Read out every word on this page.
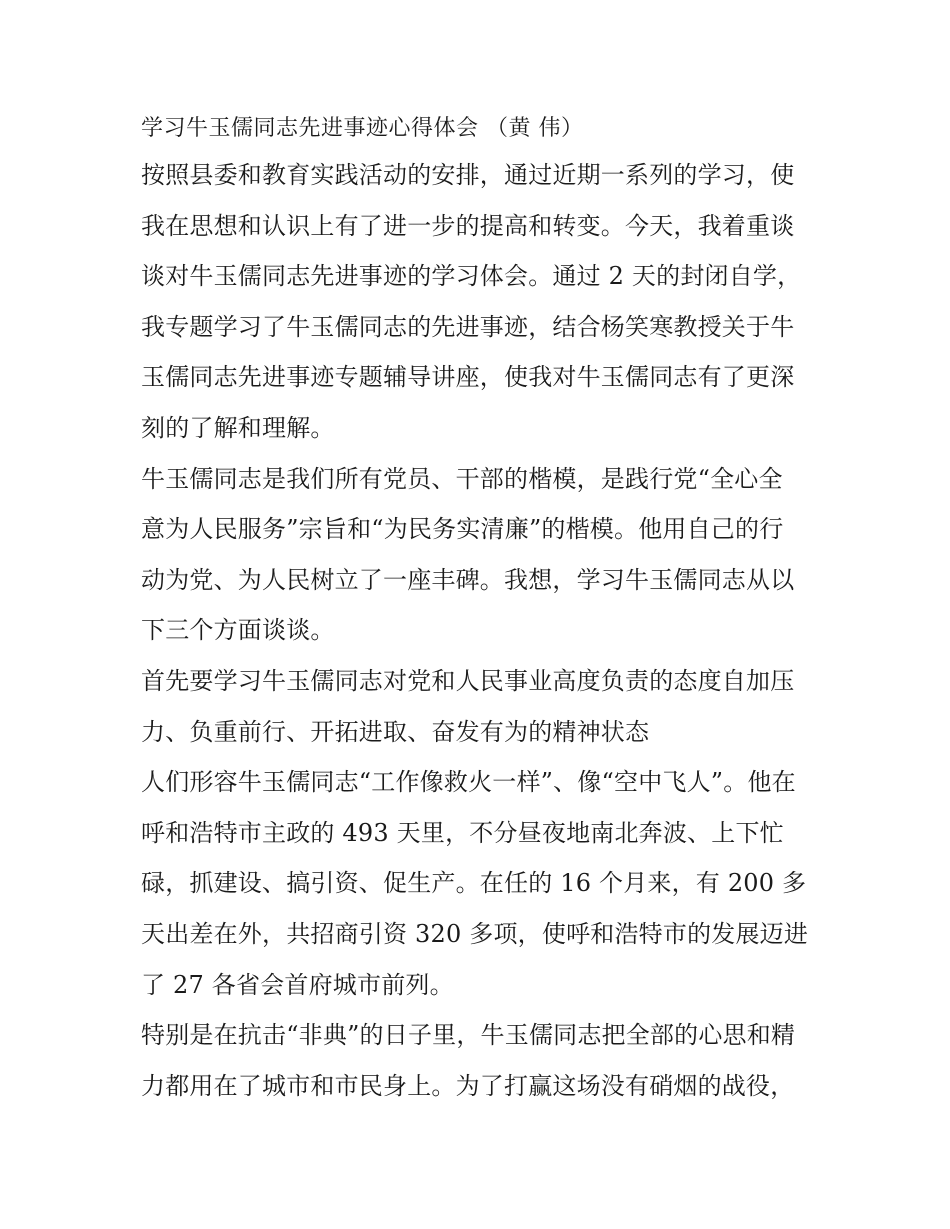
学习牛玉儒同志先进事迹心得体会 （黄 伟）

按照县委和教育实践活动的安排，通过近期一系列的学习，使
我在思想和认识上有了进一步的提高和转变。今天，我着重谈
谈对牛玉儒同志先进事迹的学习体会。通过 2 天的封闭自学，
我专题学习了牛玉儒同志的先进事迹，结合杨笑寒教授关于牛
玉儒同志先进事迹专题辅导讲座，使我对牛玉儒同志有了更深
刻的了解和理解。

牛玉儒同志是我们所有党员、干部的楷模，是践行党“全心全
意为人民服务”宗旨和“为民务实清廉”的楷模。他用自己的行
动为党、为人民树立了一座丰碑。我想，学习牛玉儒同志从以
下三个方面谈谈。

首先要学习牛玉儒同志对党和人民事业高度负责的态度自加压
力、负重前行、开拓进取、奋发有为的精神状态

人们形容牛玉儒同志“工作像救火一样”、像“空中飞人”。他在
呼和浩特市主政的 493 天里，不分昼夜地南北奔波、上下忙
碌，抓建设、搞引资、促生产。在任的 16 个月来，有 200 多
天出差在外，共招商引资 320 多项，使呼和浩特市的发展迈进
了 27 各省会首府城市前列。

特别是在抗击“非典”的日子里，牛玉儒同志把全部的心思和精
力都用在了城市和市民身上。为了打赢这场没有硝烟的战役，
